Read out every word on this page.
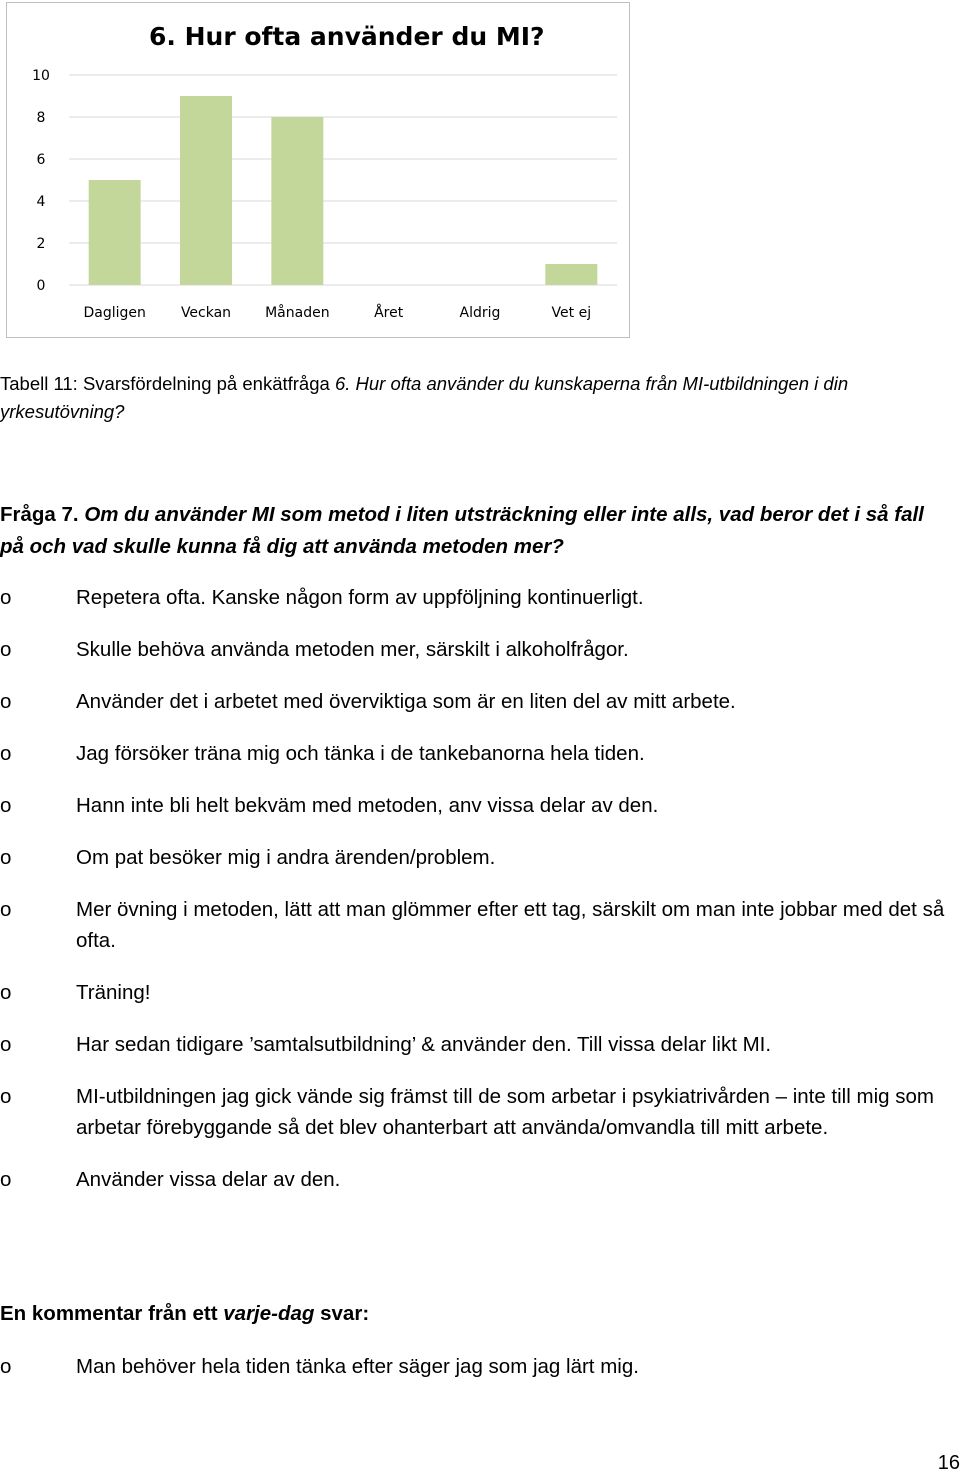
0
2
4
6
8
10
Dagligen	Veckan Månaden	Året	Aldrig	Vet ej
6. Hur ofta använder du MI?
Tabell 11: Svarsfördelning på enkätfråga 6. Hur ofta använder du kunskaperna från MI-utbildningen i din yrkesutövning?
Fråga 7. Om du använder MI som metod i liten utsträckning eller inte alls, vad beror det i så fall på och vad skulle kunna få dig att använda metoden mer?
o	Repetera ofta. Kanske någon form av uppföljning kontinuerligt.
o	Skulle behöva använda metoden mer, särskilt i alkoholfrågor.
o	Använder det i arbetet med överviktiga som är en liten del av mitt arbete.
o	Jag försöker träna mig och tänka i de tankebanorna hela tiden.
o	Hann inte bli helt bekväm med metoden, anv vissa delar av den.
o	Om pat besöker mig i andra ärenden/problem.
o	Mer övning i metoden, lätt att man glömmer efter ett tag, särskilt om man inte jobbar med det så ofta.
o	Träning!
o	Har sedan tidigare ’samtalsutbildning’ & använder den. Till vissa delar likt MI.
o	MI-utbildningen jag gick vände sig främst till de som arbetar i psykiatrivården – inte till mig som arbetar förebyggande så det blev ohanterbart att använda/omvandla till mitt arbete.
o	Använder vissa delar av den.
En kommentar från ett varje-dag svar:
o	Man behöver hela tiden tänka efter säger jag som jag lärt mig.
16
